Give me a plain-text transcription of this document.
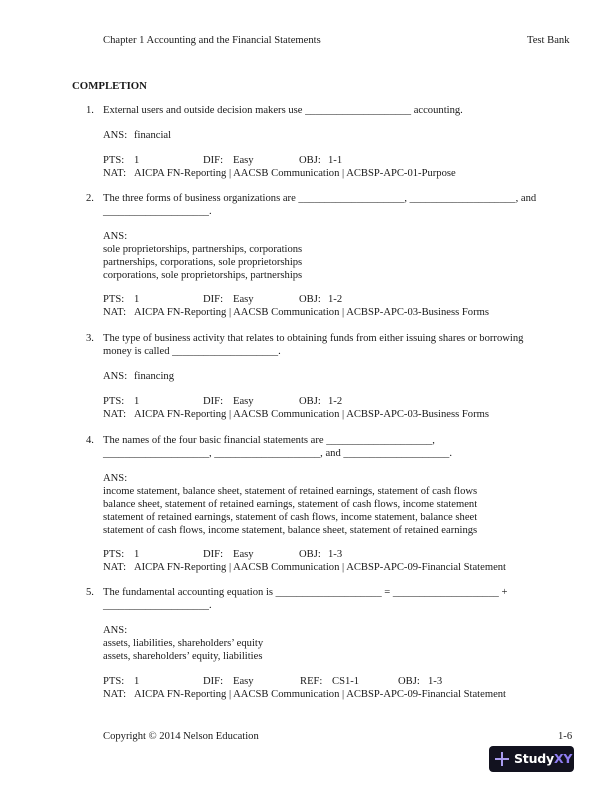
Chapter 1 Accounting and the Financial Statements	Test Bank
COMPLETION
1. External users and outside decision makers use ____________________ accounting.
ANS: financial
PTS: 1	DIF: Easy	OBJ: 1-1
NAT: AICPA FN-Reporting | AACSB Communication | ACBSP-APC-01-Purpose
2. The three forms of business organizations are ____________________, ____________________, and
____________________.
ANS:
sole proprietorships, partnerships, corporations
partnerships, corporations, sole proprietorships
corporations, sole proprietorships, partnerships
PTS: 1	DIF: Easy	OBJ: 1-2
NAT: AICPA FN-Reporting | AACSB Communication | ACBSP-APC-03-Business Forms
3. The type of business activity that relates to obtaining funds from either issuing shares or borrowing
money is called ____________________.
ANS: financing
PTS: 1	DIF: Easy	OBJ: 1-2
NAT: AICPA FN-Reporting | AACSB Communication | ACBSP-APC-03-Business Forms
4. The names of the four basic financial statements are ____________________,
____________________, ____________________, and ____________________.
ANS:
income statement, balance sheet, statement of retained earnings, statement of cash flows
balance sheet, statement of retained earnings, statement of cash flows, income statement
statement of retained earnings, statement of cash flows, income statement, balance sheet
statement of cash flows, income statement, balance sheet, statement of retained earnings
PTS: 1	DIF: Easy	OBJ: 1-3
NAT: AICPA FN-Reporting | AACSB Communication | ACBSP-APC-09-Financial Statement
5. The fundamental accounting equation is ____________________ = ____________________ +
____________________.
ANS:
assets, liabilities, shareholders’ equity
assets, shareholders’ equity, liabilities
PTS: 1	DIF: Easy	REF: CS1-1	OBJ: 1-3
NAT: AICPA FN-Reporting | AACSB Communication | ACBSP-APC-09-Financial Statement
Copyright © 2014 Nelson Education	1-6
StudyXY
